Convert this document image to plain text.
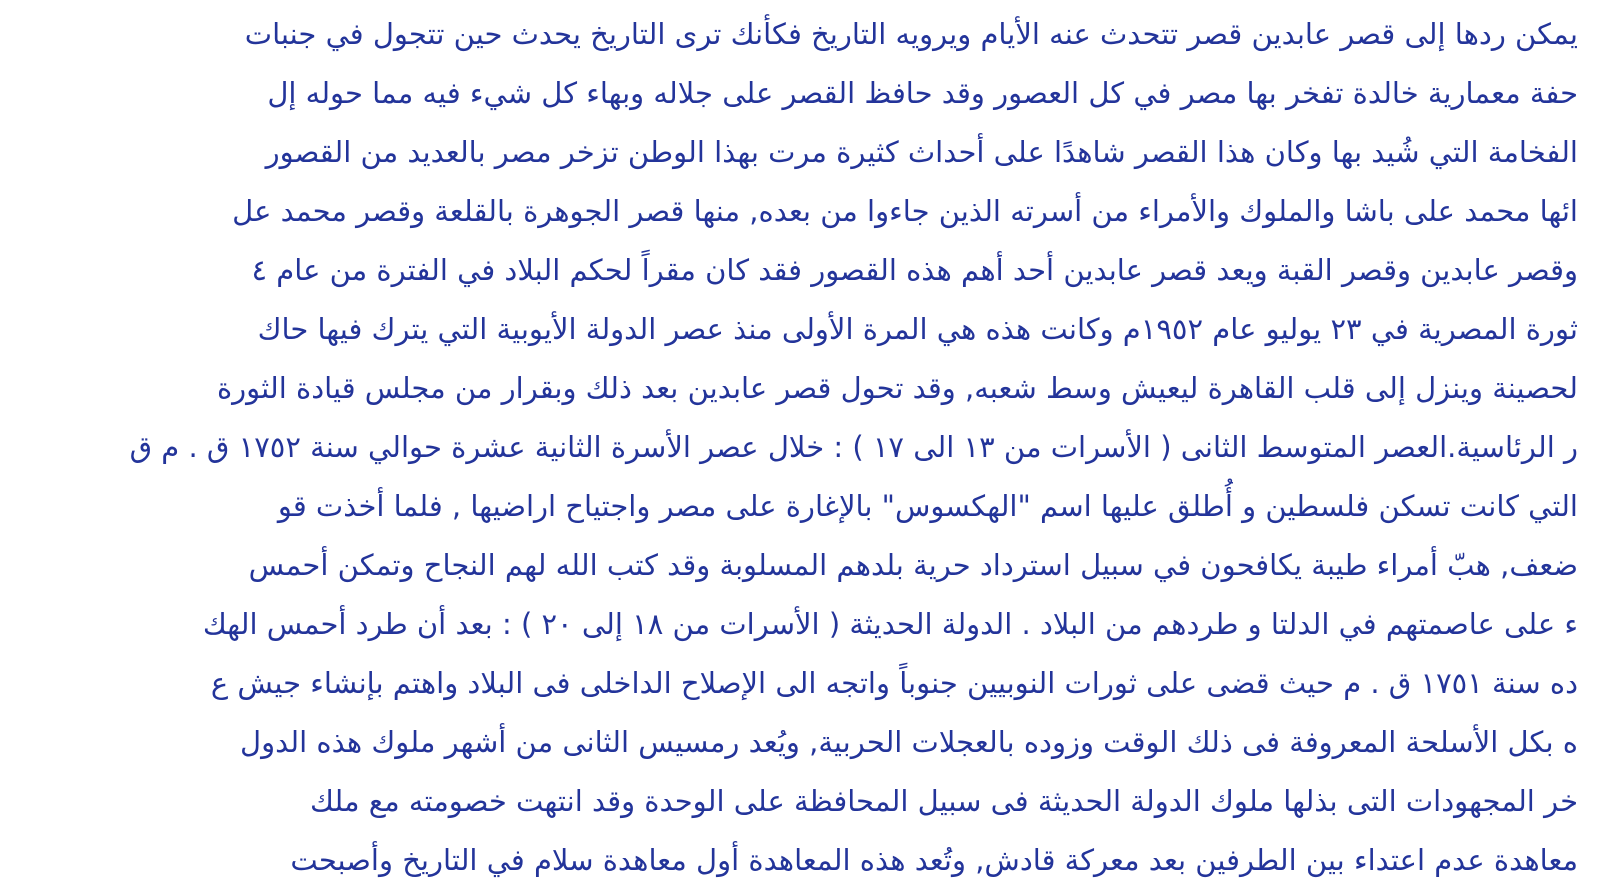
يمكن ردها إلى قصر عابدين قصر تتحدث عنه الأيام ويرويه التاريخ فكأنك ترى التاريخ يحدث حين تتجول في جنبات
حفة معمارية خالدة تفخر بها مصر في كل العصور وقد حافظ القصر على جلاله وبهاء كل شيء فيه مما حوله إل
الفخامة التي شُيد بها وكان هذا القصر شاهدًا على أحداث كثيرة مرت بهذا الوطن تزخر مصر بالعديد من القصور
ائها محمد على باشا والملوك والأمراء من أسرته الذين جاءوا من بعده, منها قصر الجوهرة بالقلعة وقصر محمد عل
وقصر عابدين وقصر القبة ويعد قصر عابدين أحد أهم هذه القصور فقد كان مقراً لحكم البلاد في الفترة من عام ٤
ثورة المصرية في ٢٣ يوليو عام ١٩٥٢م وكانت هذه هي المرة الأولى منذ عصر الدولة الأيوبية التي يترك فيها حاك
لحصينة وينزل إلى قلب القاهرة ليعيش وسط شعبه, وقد تحول قصر عابدين بعد ذلك وبقرار من مجلس قيادة الثورة
ر الرئاسية.العصر المتوسط الثانى ( الأسرات من ١٣ الى ١٧ ) : خلال عصر الأسرة الثانية عشرة حوالي سنة ١٧٥٢ ق . م ق
التي كانت تسكن فلسطين و أُطلق عليها اسم "الهكسوس" بالإغارة على مصر واجتياح اراضيها , فلما أخذت قو
ضعف, هبّ أمراء طيبة يكافحون في سبيل استرداد حرية بلدهم المسلوبة وقد كتب الله لهم النجاح وتمكن أحمس
ء على عاصمتهم في الدلتا و طردهم من البلاد . الدولة الحديثة ( الأسرات من ١٨ إلى ٢٠ ) : بعد أن طرد أحمس الهك
ده سنة ١٧٥١ ق . م حيث قضى على ثورات النوبيين جنوباً واتجه الى الإصلاح الداخلى فى البلاد واهتم بإنشاء جيش ع
ه بكل الأسلحة المعروفة فى ذلك الوقت وزوده بالعجلات الحربية, ويُعد رمسيس الثانى من أشهر ملوك هذه الدول
خر المجهودات التى بذلها ملوك الدولة الحديثة فى سبيل المحافظة على الوحدة وقد انتهت خصومته مع ملك
معاهدة عدم اعتداء بين الطرفين بعد معركة قادش, وتُعد هذه المعاهدة أول معاهدة سلام في التاريخ وأصبحت
